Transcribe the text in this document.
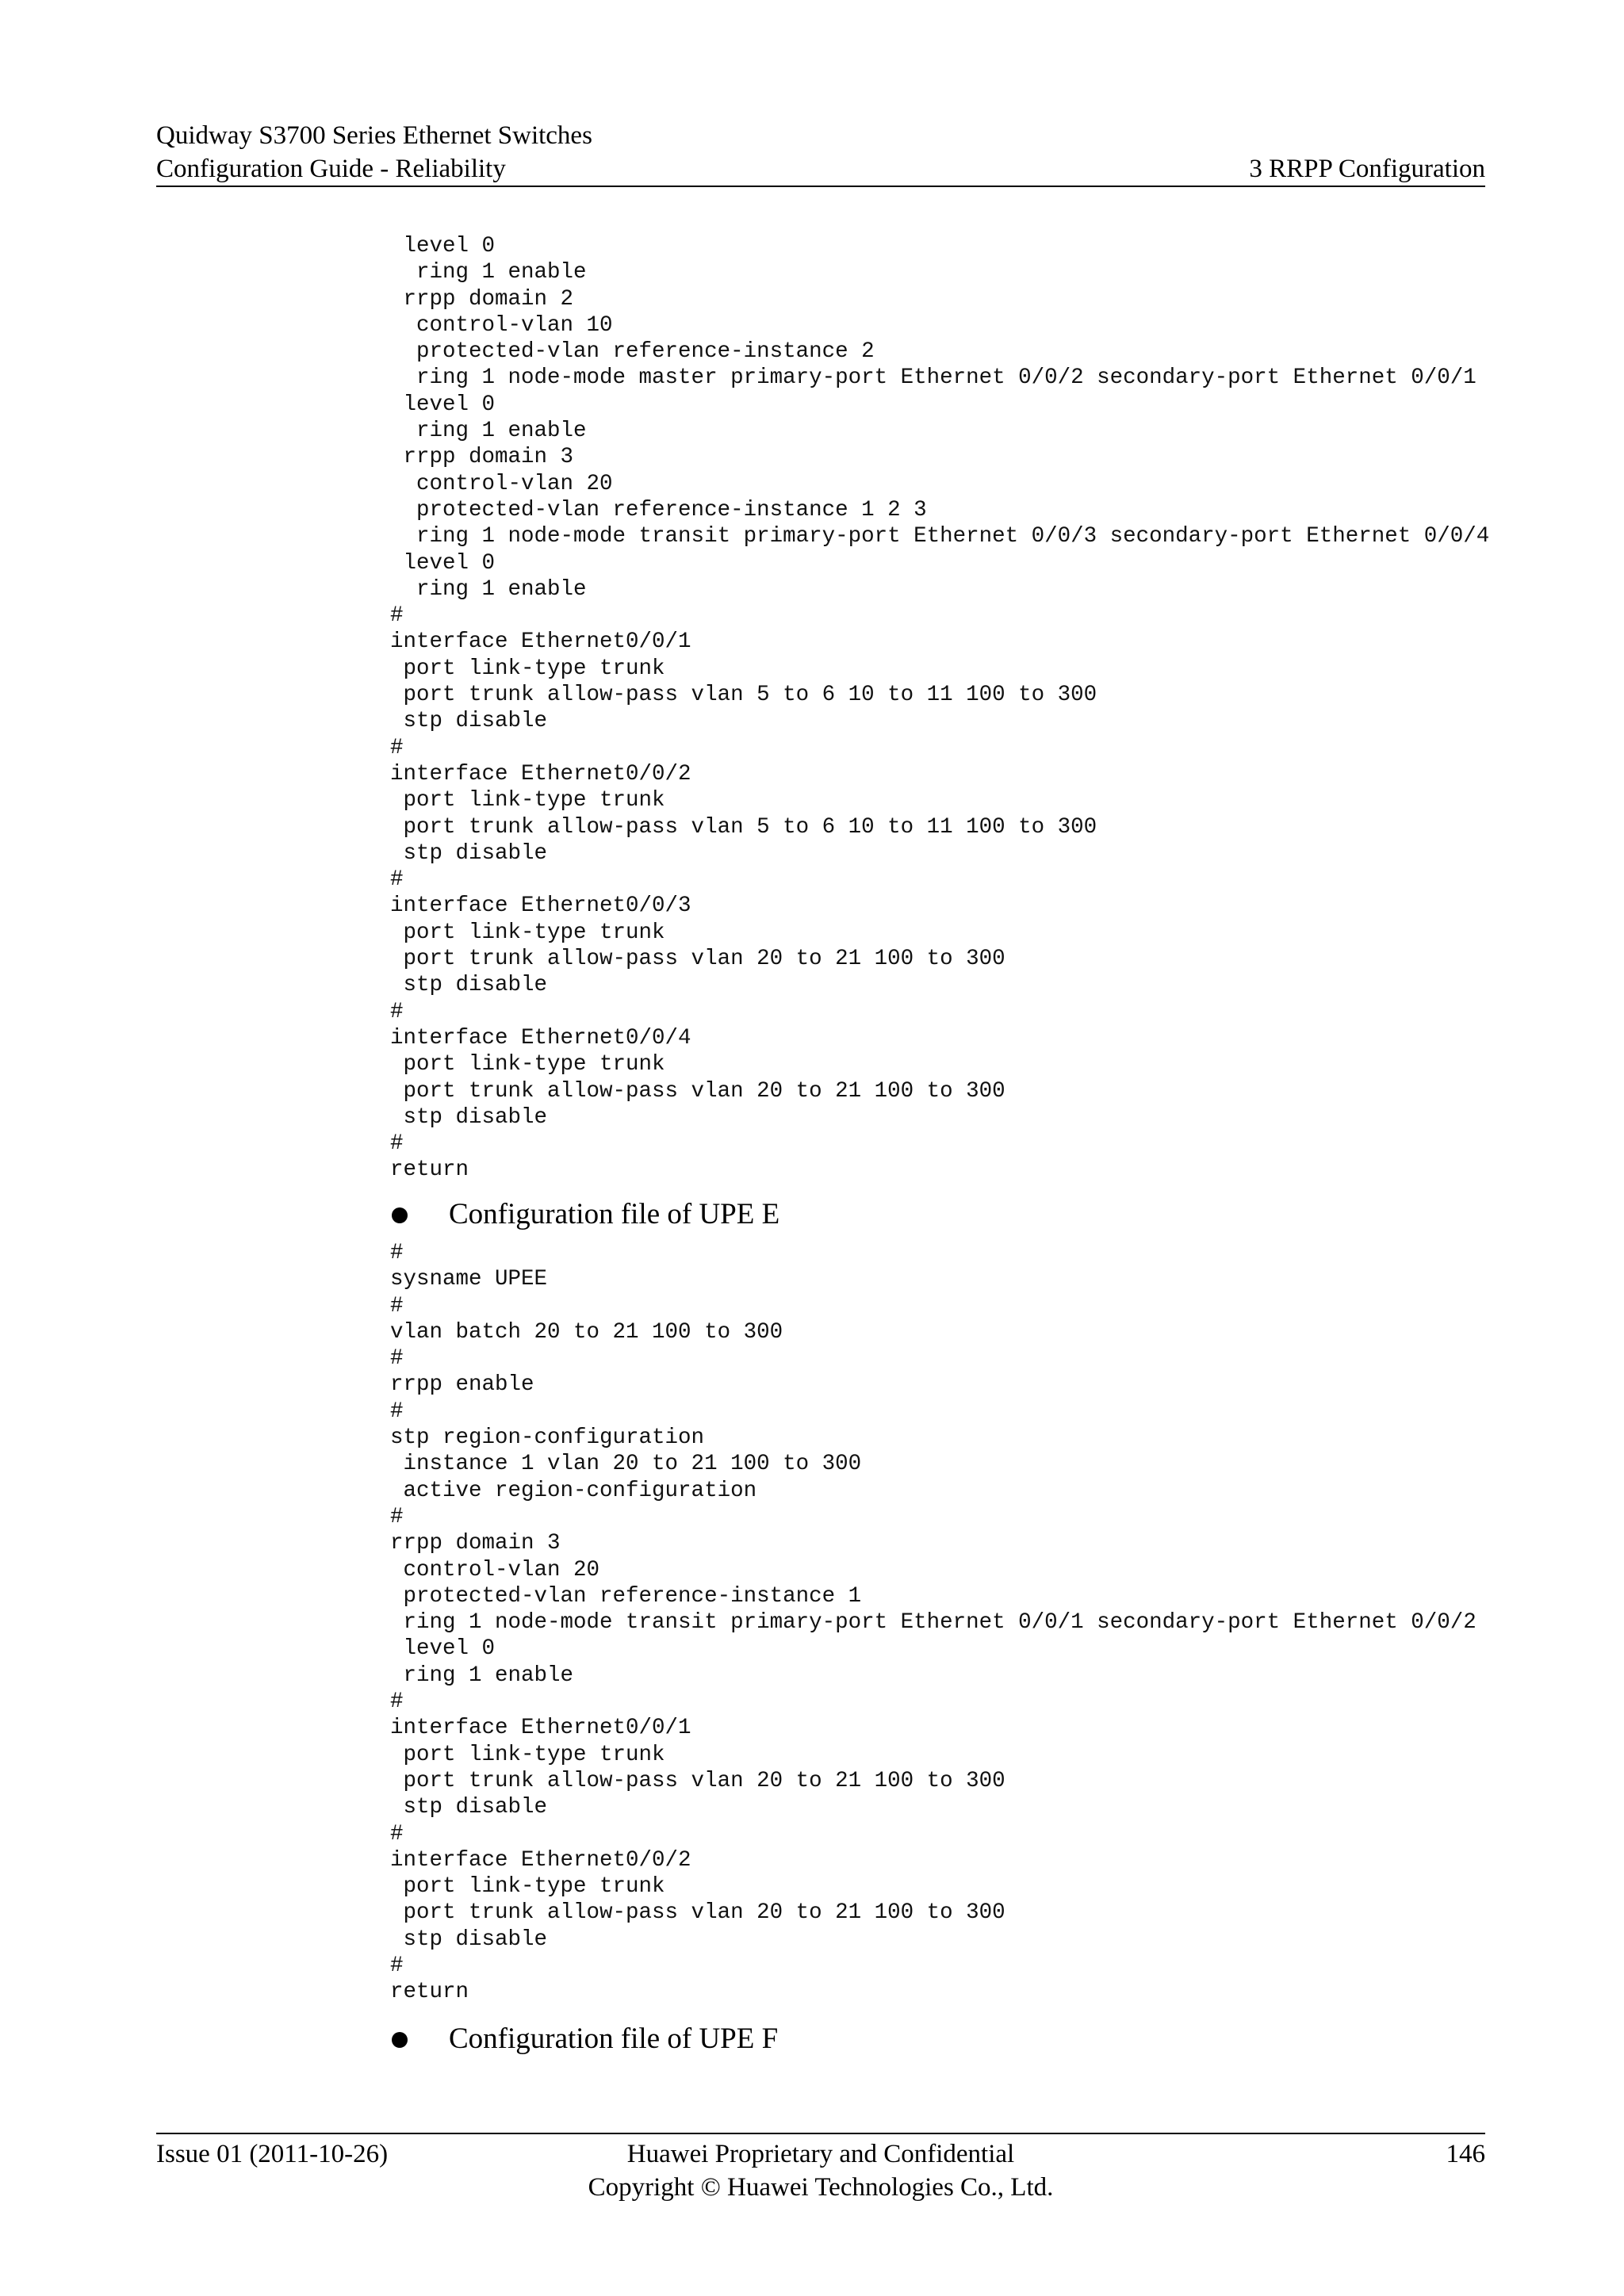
Quidway S3700 Series Ethernet Switches
Configuration Guide - Reliability	3 RRPP Configuration
level 0
ring 1 enable
rrpp domain 2
control-vlan 10
protected-vlan reference-instance 2
ring 1 node-mode master primary-port Ethernet 0/0/2 secondary-port Ethernet 0/0/1
level 0
ring 1 enable
rrpp domain 3
control-vlan 20
protected-vlan reference-instance 1 2 3
ring 1 node-mode transit primary-port Ethernet 0/0/3 secondary-port Ethernet 0/0/4
level 0
ring 1 enable
#
interface Ethernet0/0/1
port link-type trunk
port trunk allow-pass vlan 5 to 6 10 to 11 100 to 300
stp disable
#
interface Ethernet0/0/2
port link-type trunk
port trunk allow-pass vlan 5 to 6 10 to 11 100 to 300
stp disable
#
interface Ethernet0/0/3
port link-type trunk
port trunk allow-pass vlan 20 to 21 100 to 300
stp disable
#
interface Ethernet0/0/4
port link-type trunk
port trunk allow-pass vlan 20 to 21 100 to 300
stp disable
#
return
Configuration file of UPE E
#
sysname UPEE
#
vlan batch 20 to 21 100 to 300
#
rrpp enable
#
stp region-configuration
instance 1 vlan 20 to 21 100 to 300
active region-configuration
#
rrpp domain 3
control-vlan 20
protected-vlan reference-instance 1
ring 1 node-mode transit primary-port Ethernet 0/0/1 secondary-port Ethernet 0/0/2
level 0
ring 1 enable
#
interface Ethernet0/0/1
port link-type trunk
port trunk allow-pass vlan 20 to 21 100 to 300
stp disable
#
interface Ethernet0/0/2
port link-type trunk
port trunk allow-pass vlan 20 to 21 100 to 300
stp disable
#
return
Configuration file of UPE F
Issue 01 (2011-10-26)	Huawei Proprietary and Confidential
Copyright © Huawei Technologies Co., Ltd.
146
